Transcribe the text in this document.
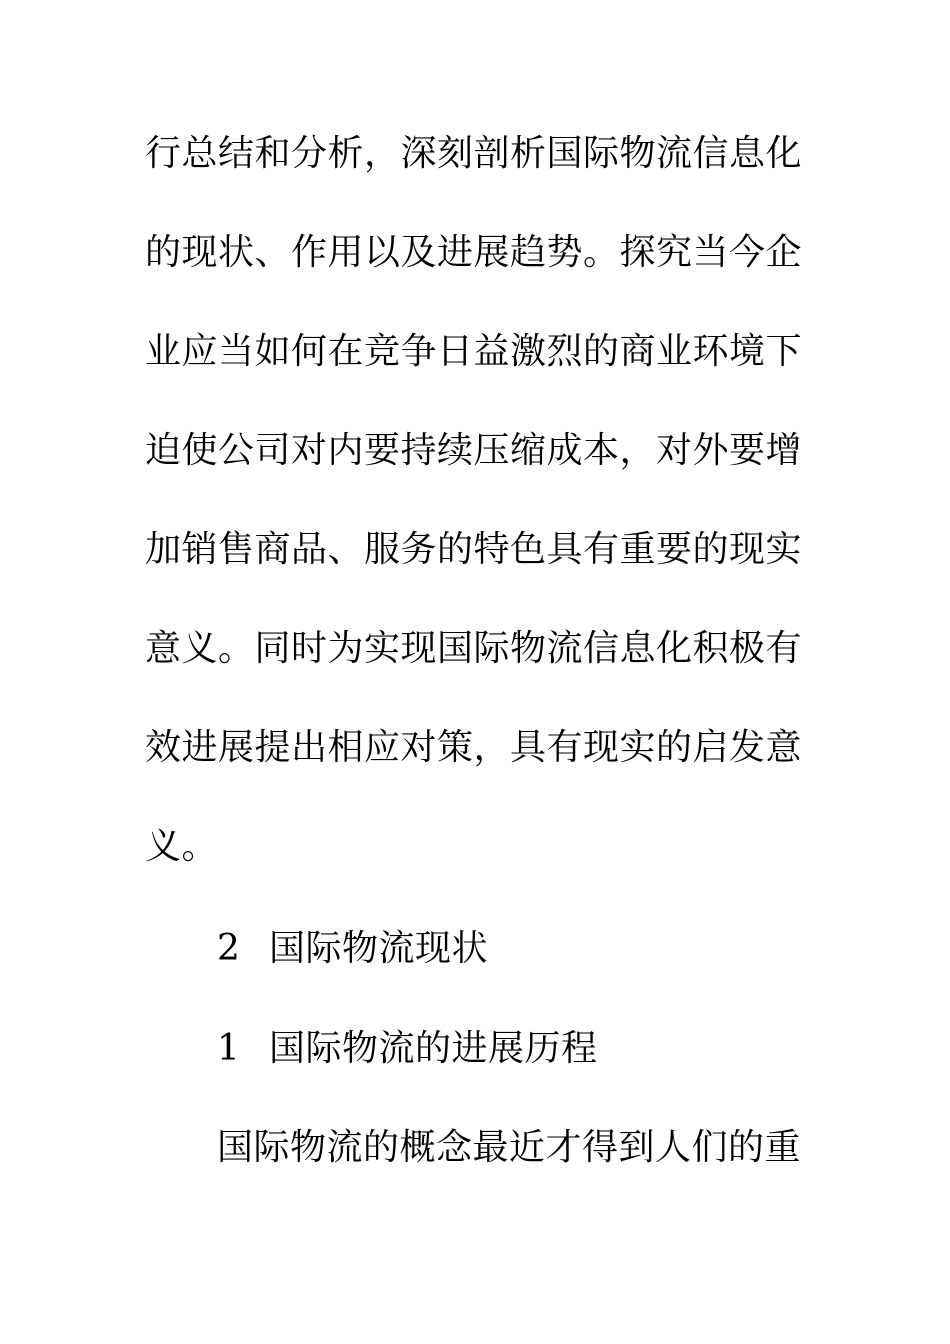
行总结和分析，深刻剖析国际物流信息化
的现状、作用以及进展趋势。探究当今企
业应当如何在竞争日益激烈的商业环境下
迫使公司对内要持续压缩成本，对外要增
加销售商品、服务的特色具有重要的现实
意义。同时为实现国际物流信息化积极有
效进展提出相应对策，具有现实的启发意
义。
2 国际物流现状
1 国际物流的进展历程
国际物流的概念最近才得到人们的重
